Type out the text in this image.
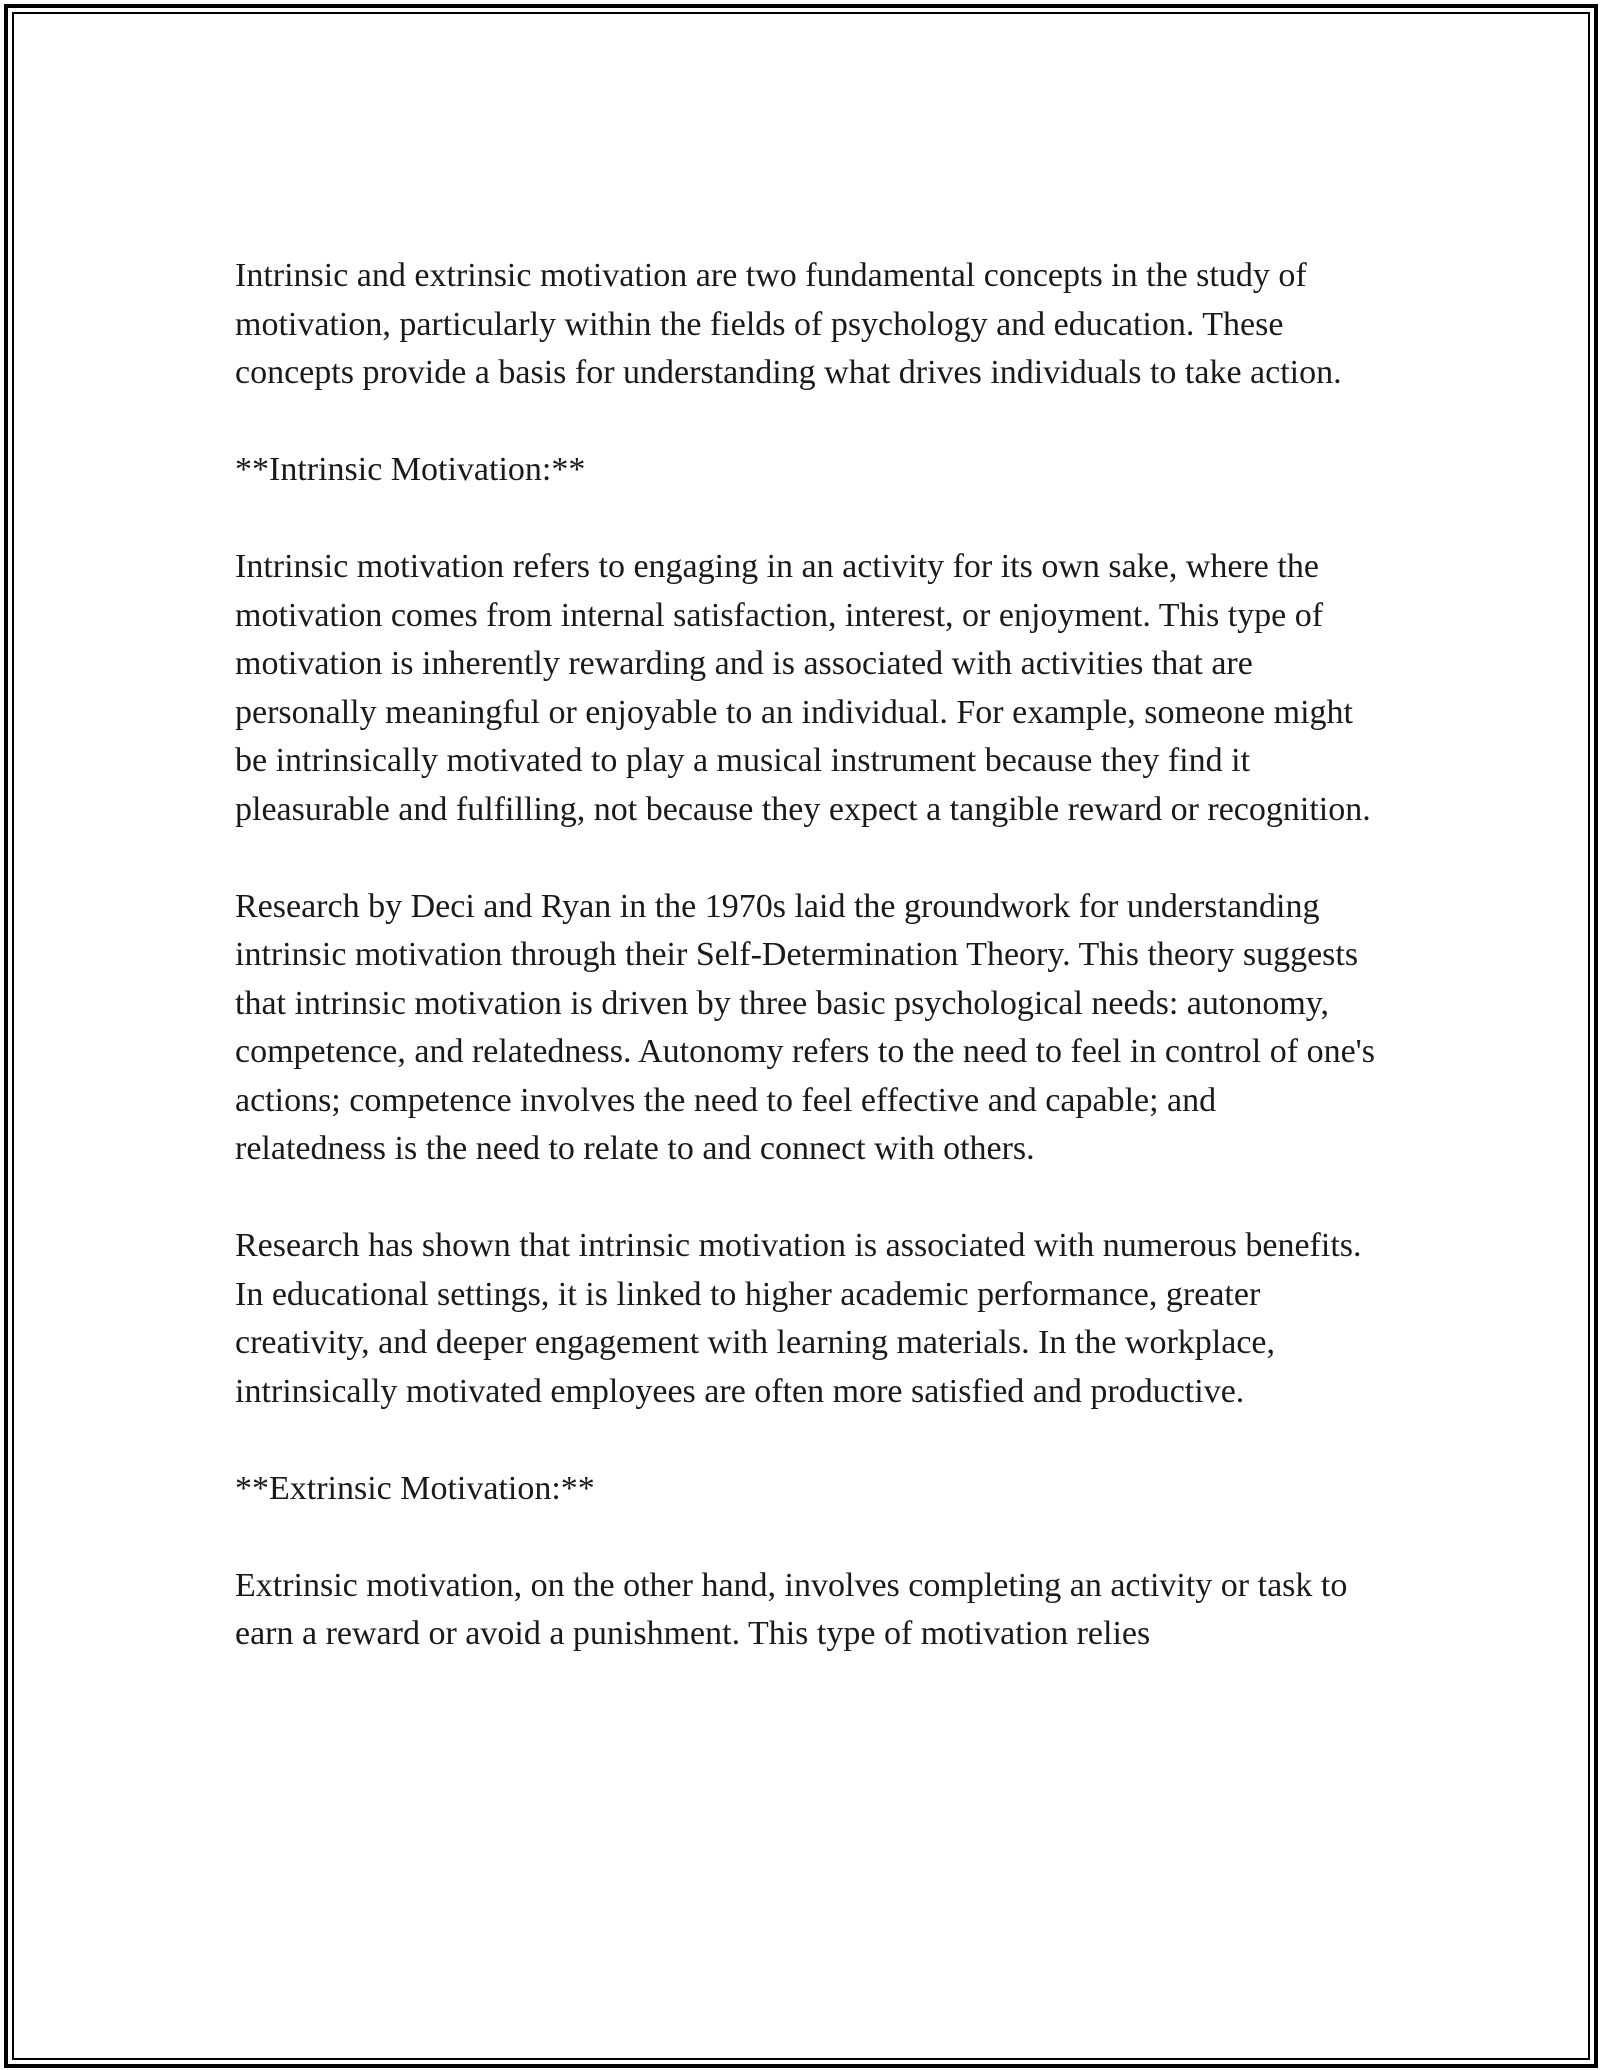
Intrinsic and extrinsic motivation are two fundamental concepts in the study of motivation, particularly within the fields of psychology and education. These concepts provide a basis for understanding what drives individuals to take action.

**Intrinsic Motivation:**

Intrinsic motivation refers to engaging in an activity for its own sake, where the motivation comes from internal satisfaction, interest, or enjoyment. This type of motivation is inherently rewarding and is associated with activities that are personally meaningful or enjoyable to an individual. For example, someone might be intrinsically motivated to play a musical instrument because they find it pleasurable and fulfilling, not because they expect a tangible reward or recognition.

Research by Deci and Ryan in the 1970s laid the groundwork for understanding intrinsic motivation through their Self-Determination Theory. This theory suggests that intrinsic motivation is driven by three basic psychological needs: autonomy, competence, and relatedness. Autonomy refers to the need to feel in control of one's actions; competence involves the need to feel effective and capable; and relatedness is the need to relate to and connect with others.

Research has shown that intrinsic motivation is associated with numerous benefits. In educational settings, it is linked to higher academic performance, greater creativity, and deeper engagement with learning materials. In the workplace, intrinsically motivated employees are often more satisfied and productive.

**Extrinsic Motivation:**

Extrinsic motivation, on the other hand, involves completing an activity or task to earn a reward or avoid a punishment. This type of motivation relies
